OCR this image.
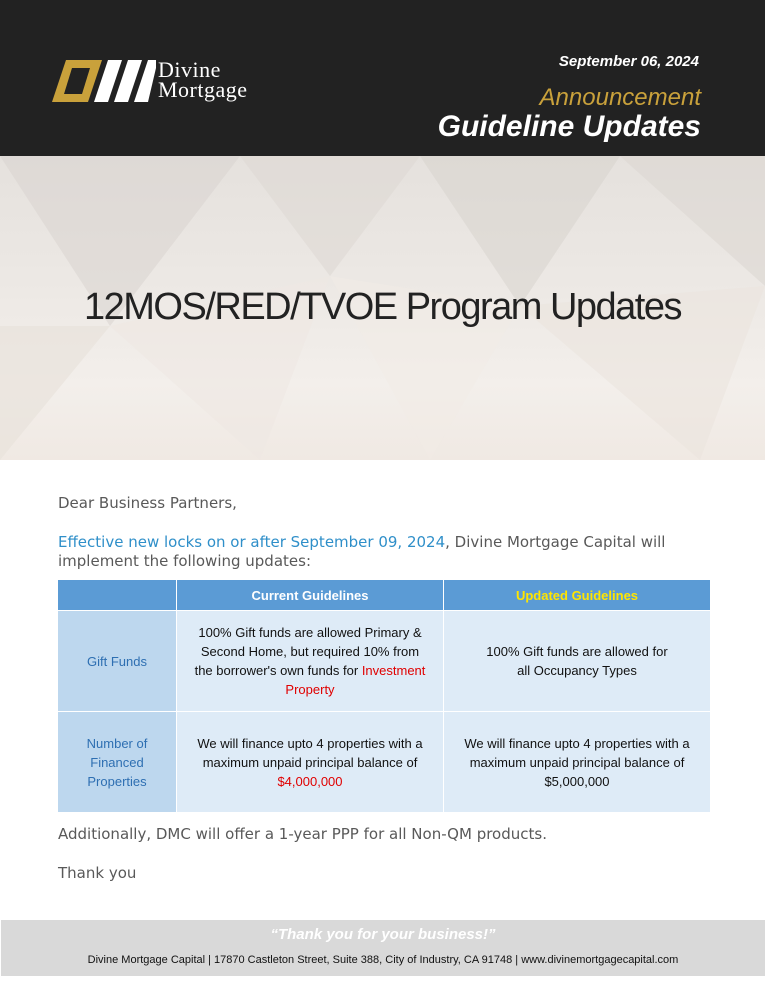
Divine
Mortgage
September 06, 2024
Announcement
Guideline Updates
12MOS/RED/TVOE Program Updates
Dear Business Partners,
Effective new locks on or after September 09, 2024, Divine Mortgage Capital will implement the following updates:
Current Guidelines	Updated Guidelines
Gift Funds
100% Gift funds are allowed Primary & Second Home, but required 10% from the borrower's own funds for Investment Property
100% Gift funds are allowed for all Occupancy Types
Number of Financed Properties
We will finance upto 4 properties with a maximum unpaid principal balance of $4,000,000
We will finance upto 4 properties with a maximum unpaid principal balance of $5,000,000
Additionally, DMC will offer a 1-year PPP for all Non-QM products.
Thank you
“Thank you for your business!”
Divine Mortgage Capital | 17870 Castleton Street, Suite 388, City of Industry, CA 91748 | www.divinemortgagecapital.com
